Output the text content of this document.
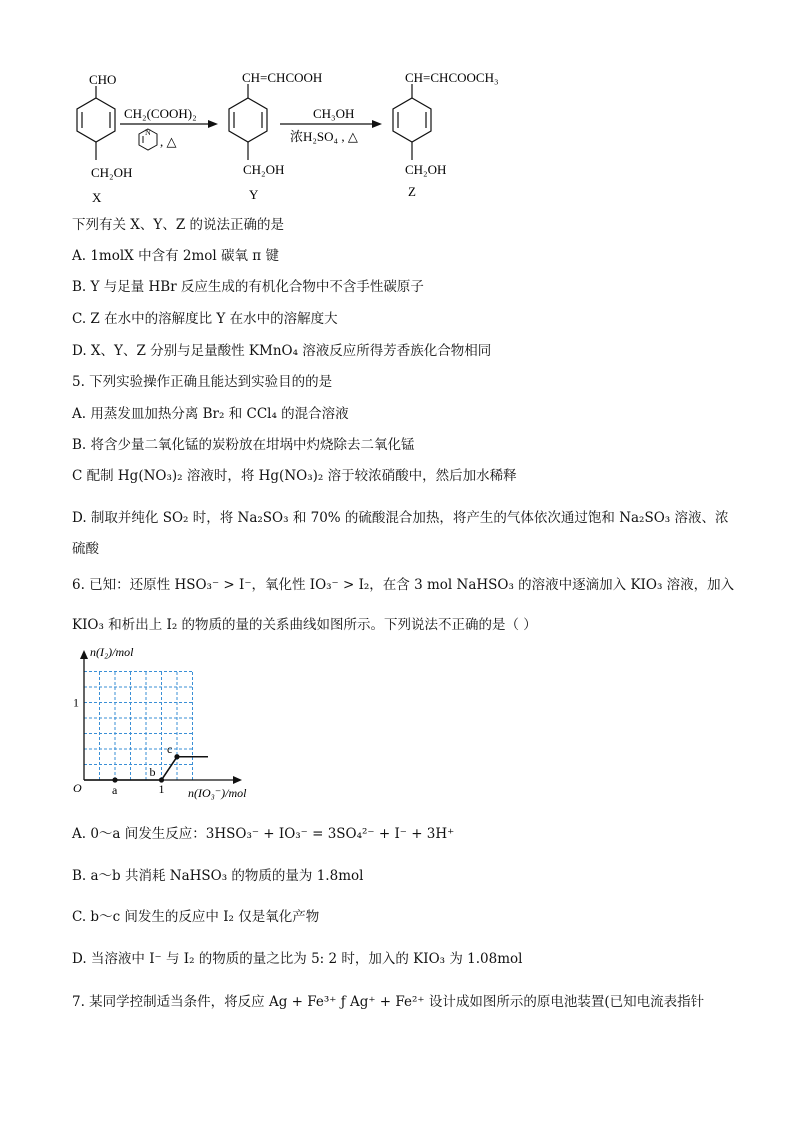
CHO
CH₂OH
X
CH₂(COOH)₂
N
, △
CH=CHCOOH
CH₂OH
Y
CH₃OH
浓H₂SO₄ , △
CH=CHCOOCH₃
CH₂OH
Z
下列有关 X、Y、Z 的说法正确的是
A. 1molX 中含有 2mol 碳氧 π 键
B. Y 与足量 HBr 反应生成的有机化合物中不含手性碳原子
C. Z 在水中的溶解度比 Y 在水中的溶解度大
D. X、Y、Z 分别与足量酸性 KMnO₄ 溶液反应所得芳香族化合物相同
5. 下列实验操作正确且能达到实验目的的是
A. 用蒸发皿加热分离 Br₂ 和 CCl₄ 的混合溶液
B. 将含少量二氧化锰的炭粉放在坩埚中灼烧除去二氧化锰
C 配制 Hg(NO₃)₂ 溶液时，将 Hg(NO₃)₂ 溶于较浓硝酸中，然后加水稀释
D. 制取并纯化 SO₂ 时，将 Na₂SO₃ 和 70% 的硫酸混合加热，将产生的气体依次通过饱和 Na₂SO₃ 溶液、浓
硫酸
6. 已知：还原性 HSO₃⁻ > I⁻，氧化性 IO₃⁻ > I₂，在含 3 mol NaHSO₃ 的溶液中逐滴加入 KIO₃ 溶液，加入
KIO₃ 和析出上 I₂ 的物质的量的关系曲线如图所示。下列说法不正确的是（ ）
a
b
c
n(I₂)/mol
n(IO₃⁻)/mol
O	1
1
A. 0～a 间发生反应：3HSO₃⁻ + IO₃⁻ = 3SO₄²⁻ + I⁻ + 3H⁺
B. a～b 共消耗 NaHSO₃ 的物质的量为 1.8mol
C. b～c 间发生的反应中 I₂ 仅是氧化产物
D. 当溶液中 I⁻ 与 I₂ 的物质的量之比为 5: 2 时，加入的 KIO₃ 为 1.08mol
7. 某同学控制适当条件，将反应 Ag + Fe³⁺ ƒ Ag⁺ + Fe²⁺ 设计成如图所示的原电池装置(已知电流表指针
